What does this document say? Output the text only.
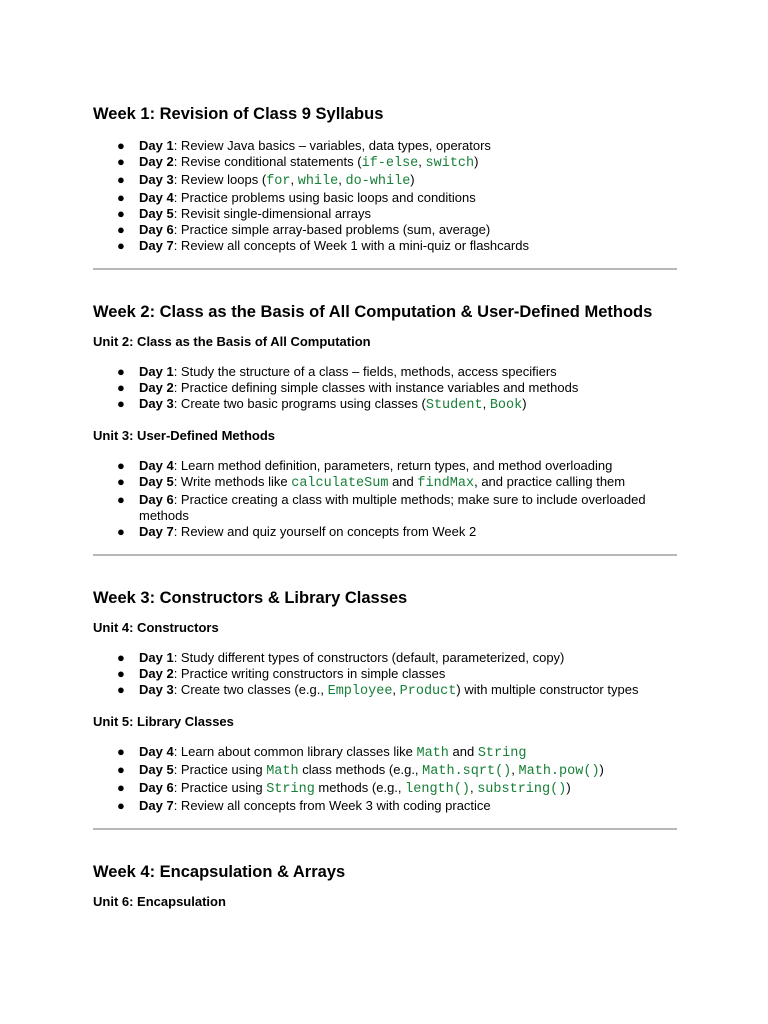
Week 1: Revision of Class 9 Syllabus
● Day 1: Review Java basics – variables, data types, operators
● Day 2: Revise conditional statements (if-else, switch)
● Day 3: Review loops (for, while, do-while)
● Day 4: Practice problems using basic loops and conditions
● Day 5: Revisit single-dimensional arrays
● Day 6: Practice simple array-based problems (sum, average)
● Day 7: Review all concepts of Week 1 with a mini-quiz or flashcards
Week 2: Class as the Basis of All Computation & User-Defined Methods
Unit 2: Class as the Basis of All Computation
● Day 1: Study the structure of a class – fields, methods, access specifiers
● Day 2: Practice defining simple classes with instance variables and methods
● Day 3: Create two basic programs using classes (Student, Book)
Unit 3: User-Defined Methods
● Day 4: Learn method definition, parameters, return types, and method overloading
● Day 5: Write methods like calculateSum and findMax, and practice calling them
● Day 6: Practice creating a class with multiple methods; make sure to include overloaded methods
● Day 7: Review and quiz yourself on concepts from Week 2
Week 3: Constructors & Library Classes
Unit 4: Constructors
● Day 1: Study different types of constructors (default, parameterized, copy)
● Day 2: Practice writing constructors in simple classes
● Day 3: Create two classes (e.g., Employee, Product) with multiple constructor types
Unit 5: Library Classes
● Day 4: Learn about common library classes like Math and String
● Day 5: Practice using Math class methods (e.g., Math.sqrt(), Math.pow())
● Day 6: Practice using String methods (e.g., length(), substring())
● Day 7: Review all concepts from Week 3 with coding practice
Week 4: Encapsulation & Arrays
Unit 6: Encapsulation
